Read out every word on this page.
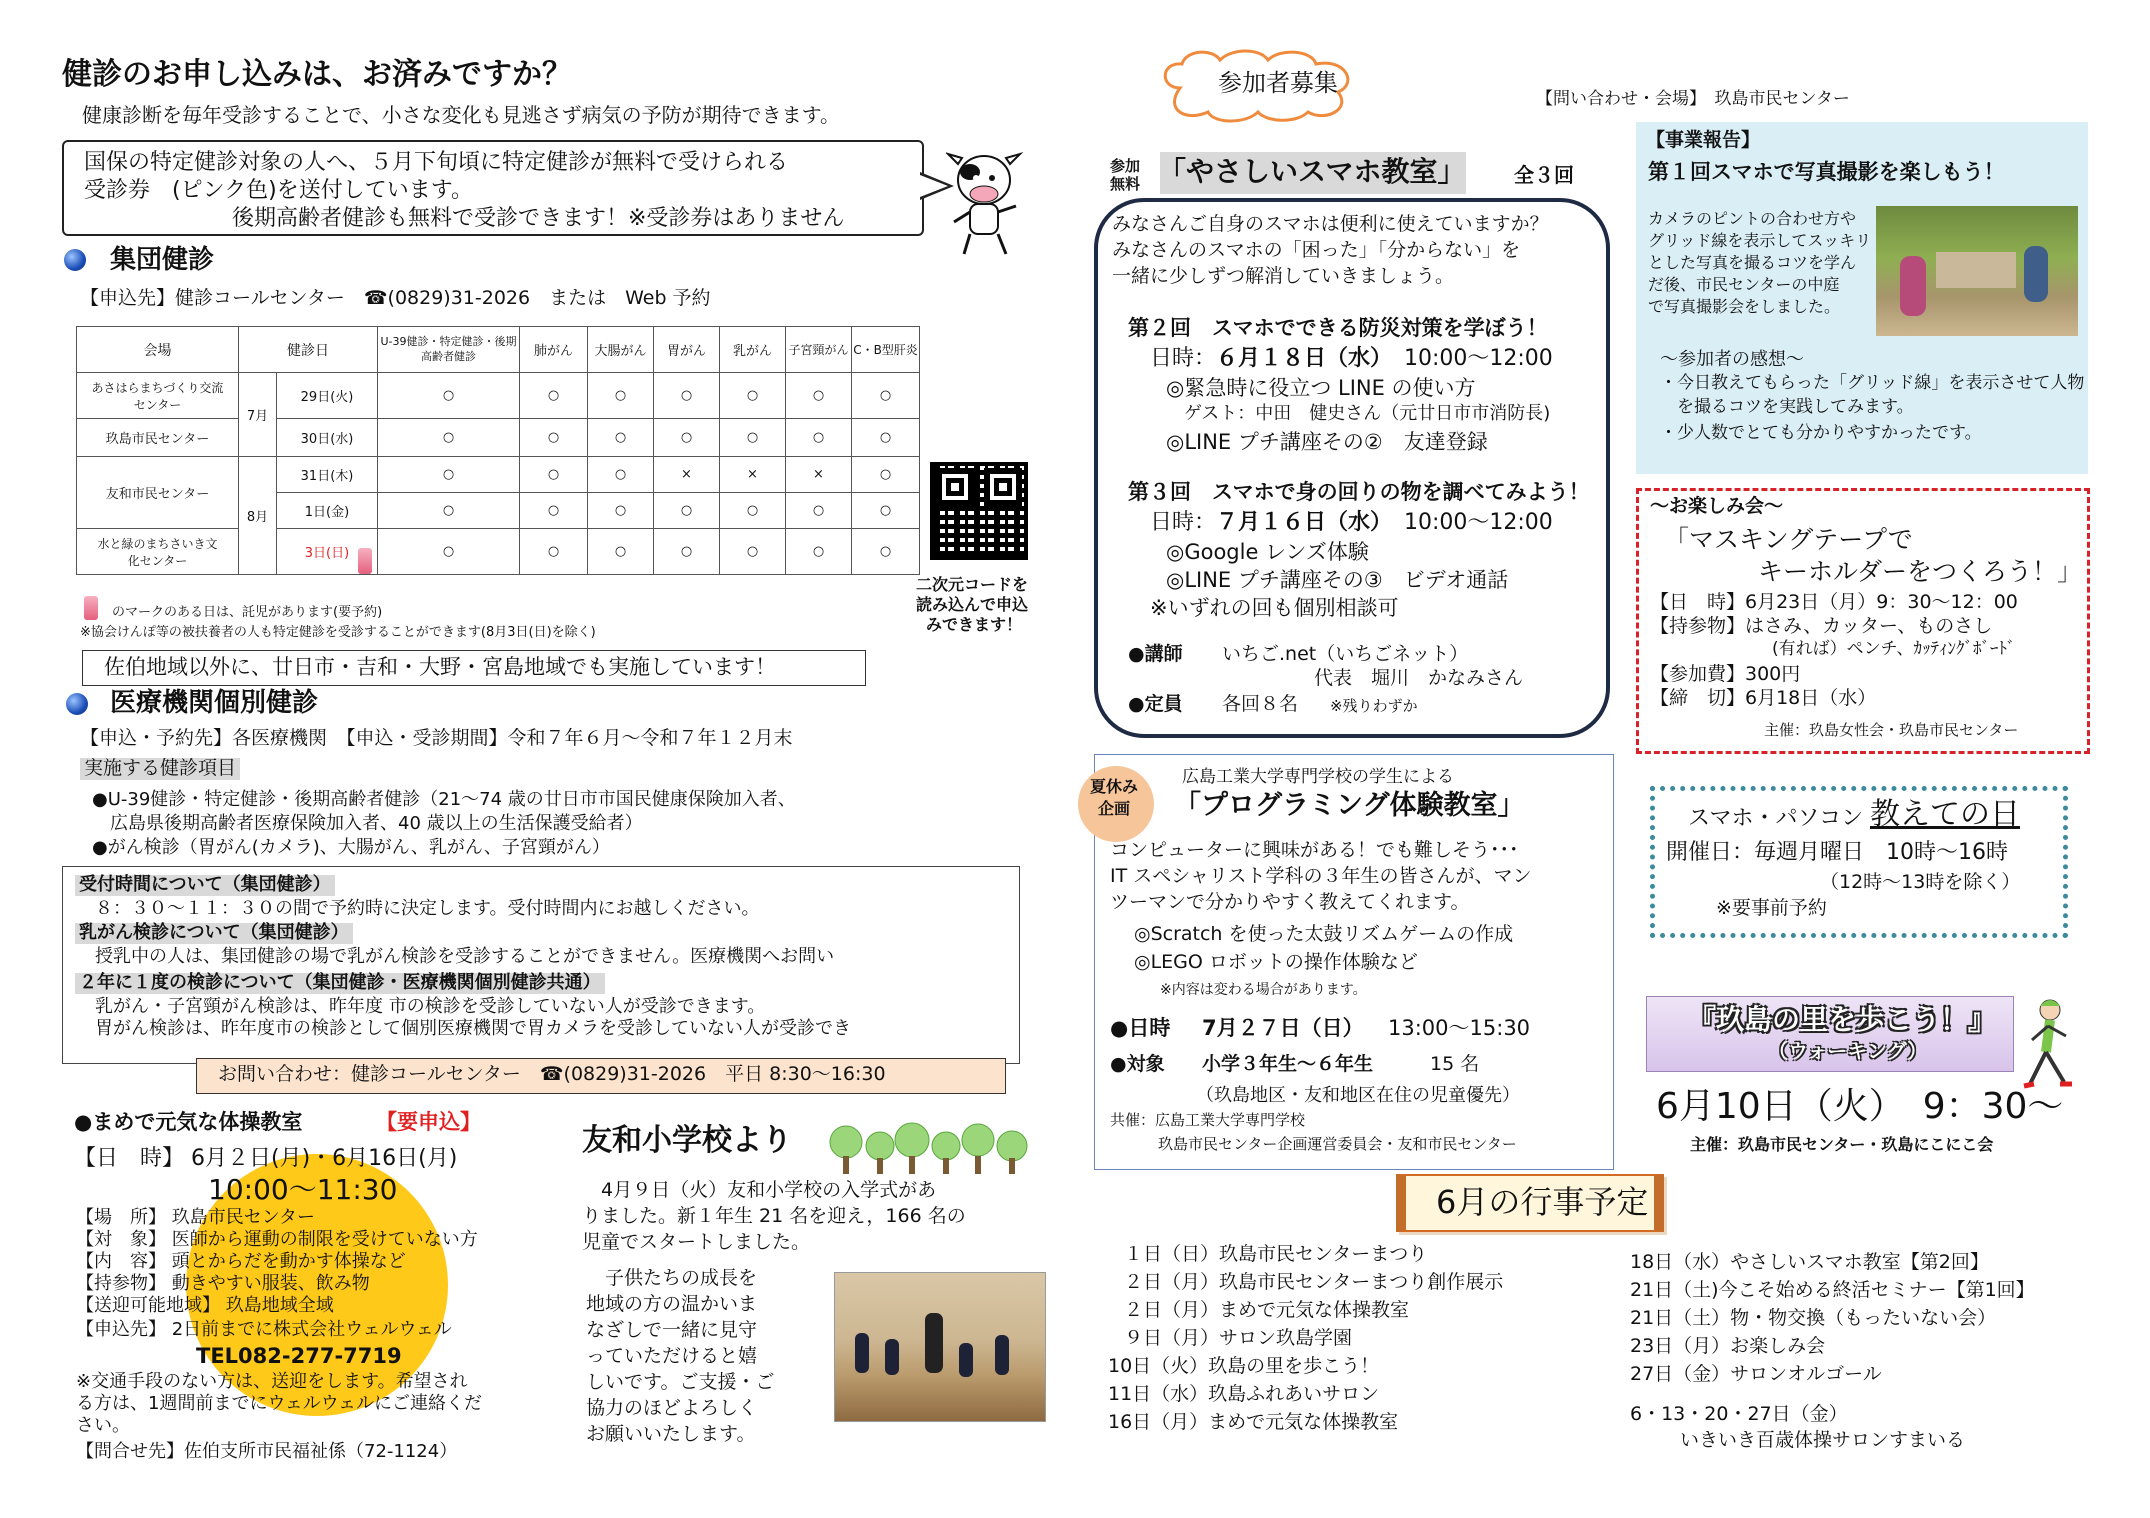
健診のお申し込みは、お済みですか？
健康診断を毎年受診することで、小さな変化も見逃さず病気の予防が期待できます。
国保の特定健診対象の人へ、５月下旬頃に特定健診が無料で受けられる
受診券　(ピンク色)を送付しています。
後期高齢者健診も無料で受診できます！※受診券はありません
集団健診
【申込先】健診コールセンター　☎(0829)31-2026　または　Web 予約
会場	健診日		U-39健診・特定健診・後期高齢者健診	肺がん	大腸がん	胃がん	乳がん	子宮頸がん	C・B型肝炎
あさはらまちづくり交流センター	7月	29日(火)	○	○	○	○	○	○	○
玖島市民センター		30日(水)	○	○	○	○	○	○	○
友和市民センター	8月	31日(木)	○	○	○	×	×	×	○
		1日(金)	○	○	○	○	○	○	○
水と緑のまちさいき文化センター		3日(日)	○	○	○	○	○	○	○
二次元コードを
読み込んで申込
みできます！
のマークのある日は、託児があります(要予約)
※協会けんぽ等の被扶養者の人も特定健診を受診することができます(8月3日(日)を除く)
佐伯地域以外に、廿日市・吉和・大野・宮島地域でも実施しています！
医療機関個別健診
【申込・予約先】各医療機関　【申込・受診期間】令和７年６月～令和７年１２月末
実施する健診項目
●U-39健診・特定健診・後期高齢者健診（21～74 歳の廿日市市国民健康保険加入者、
　広島県後期高齢者医療保険加入者、40 歳以上の生活保護受給者）
●がん検診（胃がん(カメラ)、大腸がん、乳がん、子宮頸がん）
受付時間について（集団健診）
　８：３０～１１：３０の間で予約時に決定します。受付時間内にお越しください。
乳がん検診について（集団健診）
　授乳中の人は、集団健診の場で乳がん検診を受診することができません。医療機関へお問い
２年に１度の検診について（集団健診・医療機関個別健診共通）
　乳がん・子宮頸がん検診は、昨年度 市の検診を受診していない人が受診できます。
　胃がん検診は、昨年度市の検診として個別医療機関で胃カメラを受診していない人が受診でき
お問い合わせ：健診コールセンター　☎(0829)31-2026　平日 8:30～16:30
●まめで元気な体操教室	【要申込】
【日　時】 6月２日(月)・6月16日(月)
10:00～11:30
【場　所】 玖島市民センター
【対　象】 医師から運動の制限を受けていない方
【内　容】 頭とからだを動かす体操など
【持参物】 動きやすい服装、飲み物
【送迎可能地域】 玖島地域全域
【申込先】 2日前までに株式会社ウェルウェル
TEL082-277-7719
※交通手段のない方は、送迎をします。希望され
る方は、1週間前までにウェルウェルにご連絡くだ
さい。
【問合せ先】佐伯支所市民福祉係（72-1124）
友和小学校より
　4月９日（火）友和小学校の入学式があ
りました。新１年生 21 名を迎え，166 名の
児童でスタートしました。
　子供たちの成長を
地域の方の温かいま
なざしで一緒に見守
っていただけると嬉
しいです。ご支援・ご
協力のほどよろしく
お願いいたします。
参加者募集
【問い合わせ・会場】　玖島市民センター
参加
無料 「やさしいスマホ教室」 全３回
みなさんご自身のスマホは便利に使えていますか？
みなさんのスマホの「困った」「分からない」を
一緒に少しずつ解消していきましょう。
第２回　スマホでできる防災対策を学ぼう！
日時： ６月１８日（水） 10:00～12:00
◎緊急時に役立つ LINE の使い方
　ゲスト：中田　健史さん（元廿日市市消防長)
◎LINE プチ講座その②　友達登録
第３回　スマホで身の回りの物を調べてみよう！
日時： ７月１６日（水） 10:00～12:00
◎Google レンズ体験
◎LINE プチ講座その③　ビデオ通話
※いずれの回も個別相談可
●講師 いちご.net（いちごネット）
代表　堀川　かなみさん
●定員 各回８名 ※残りわずか
夏休み
企画
広島工業大学専門学校の学生による
「プログラミング体験教室」
コンピューターに興味がある！でも難しそう･･･
IT スペシャリスト学科の３年生の皆さんが、マン
ツーマンで分かりやすく教えてくれます。
◎Scratch を使った太鼓リズムゲームの作成
◎LEGO ロボットの操作体験など
※内容は変わる場合があります。
●日時 7月２７日（日） 13:00～15:30
●対象 小学３年生～６年生	15 名
（玖島地区・友和地区在住の児童優先）
共催：広島工業大学専門学校
玖島市民センター企画運営委員会・友和市民センター
6月の行事予定
１日（日）玖島市民センターまつり
２日（月）玖島市民センターまつり創作展示
２日（月）まめで元気な体操教室
９日（月）サロン玖島学園
10日（火）玖島の里を歩こう！
11日（水）玖島ふれあいサロン
16日（月）まめで元気な体操教室
18日（水）やさしいスマホ教室【第2回】
21日（土)今こそ始める終活セミナー【第1回】
21日（土）物・物交換（もったいない会）
23日（月）お楽しみ会
27日（金）サロンオルゴール
6・13・20・27日（金）
いきいき百歳体操サロンすまいる
【事業報告】
第１回スマホで写真撮影を楽しもう！
カメラのピントの合わせ方や
グリッド線を表示してスッキリ
とした写真を撮るコツを学ん
だ後、市民センターの中庭
で写真撮影会をしました。
～参加者の感想～
・今日教えてもらった「グリッド線」を表示させて人物
　を撮るコツを実践してみます。
・少人数でとても分かりやすかったです。
～お楽しみ会～
「マスキングテープで
キーホルダーをつくろう！」
【日　時】6月23日（月）9：30～12：00
【持参物】はさみ、カッター、ものさし
(有れば）ペンチ、ｶｯﾃｨﾝｸﾞﾎﾞｰﾄﾞ
【参加費】300円
【締　切】6月18日（水）
主催：玖島女性会・玖島市民センター
スマホ・パソコン 教えての日
開催日：毎週月曜日　10時～16時
（12時～13時を除く）
※要事前予約
『玖島の里を歩こう！』
（ウォーキング）
6月10日（火）　9：30～
主催：玖島市民センター・玖島にこにこ会
